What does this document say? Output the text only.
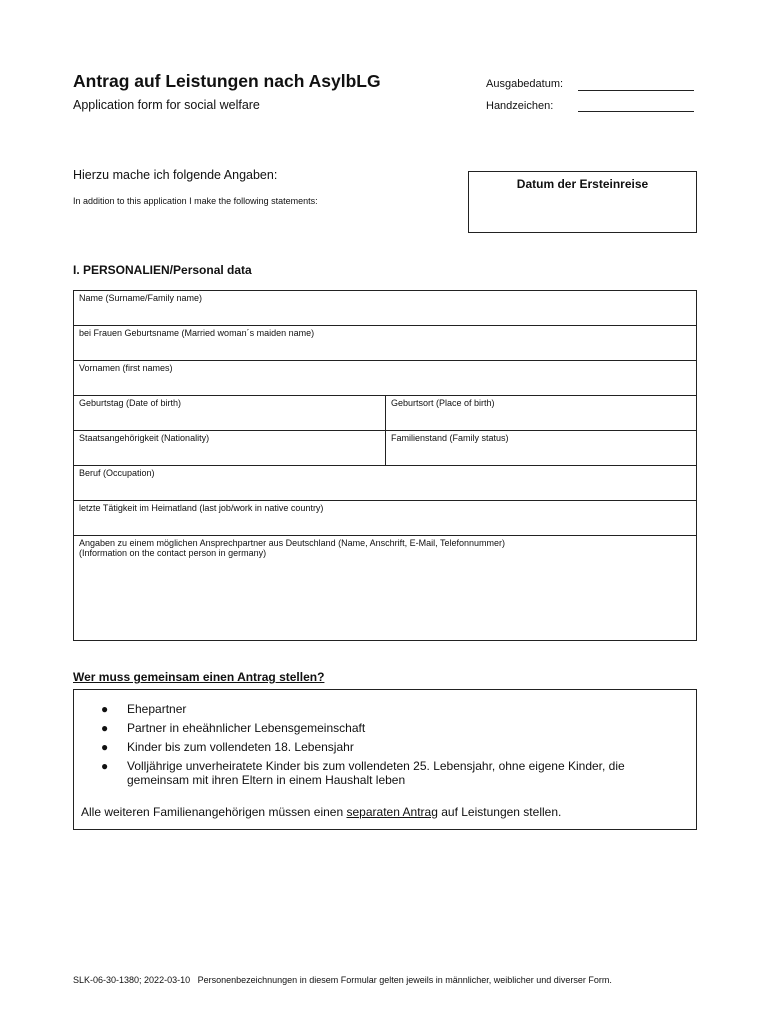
Antrag auf Leistungen nach AsylbLG
Application form for social welfare
Ausgabedatum:
Handzeichen:
Hierzu mache ich folgende Angaben:
In addition to this application I make the following statements:
Datum der Ersteinreise
I. PERSONALIEN/Personal data
Name (Surname/Family name)
bei Frauen Geburtsname (Married woman´s maiden name)
Vornamen (first names)
Geburtstag (Date of birth)	Geburtsort (Place of birth)
Staatsangehörigkeit (Nationality)	Familienstand (Family status)
Beruf (Occupation)
letzte Tätigkeit im Heimatland (last job/work in native country)
Angaben zu einem möglichen Ansprechpartner aus Deutschland (Name, Anschrift, E-Mail, Telefonnummer)
(Information on the contact person in germany)
Wer muss gemeinsam einen Antrag stellen?
● Ehepartner
● Partner in eheähnlicher Lebensgemeinschaft
● Kinder bis zum vollendeten 18. Lebensjahr
● Volljährige unverheiratete Kinder bis zum vollendeten 25. Lebensjahr, ohne eigene Kinder, die gemeinsam mit ihren Eltern in einem Haushalt leben
Alle weiteren Familienangehörigen müssen einen separaten Antrag auf Leistungen stellen.
SLK-06-30-1380; 2022-03-10 Personenbezeichnungen in diesem Formular gelten jeweils in männlicher, weiblicher und diverser Form.
